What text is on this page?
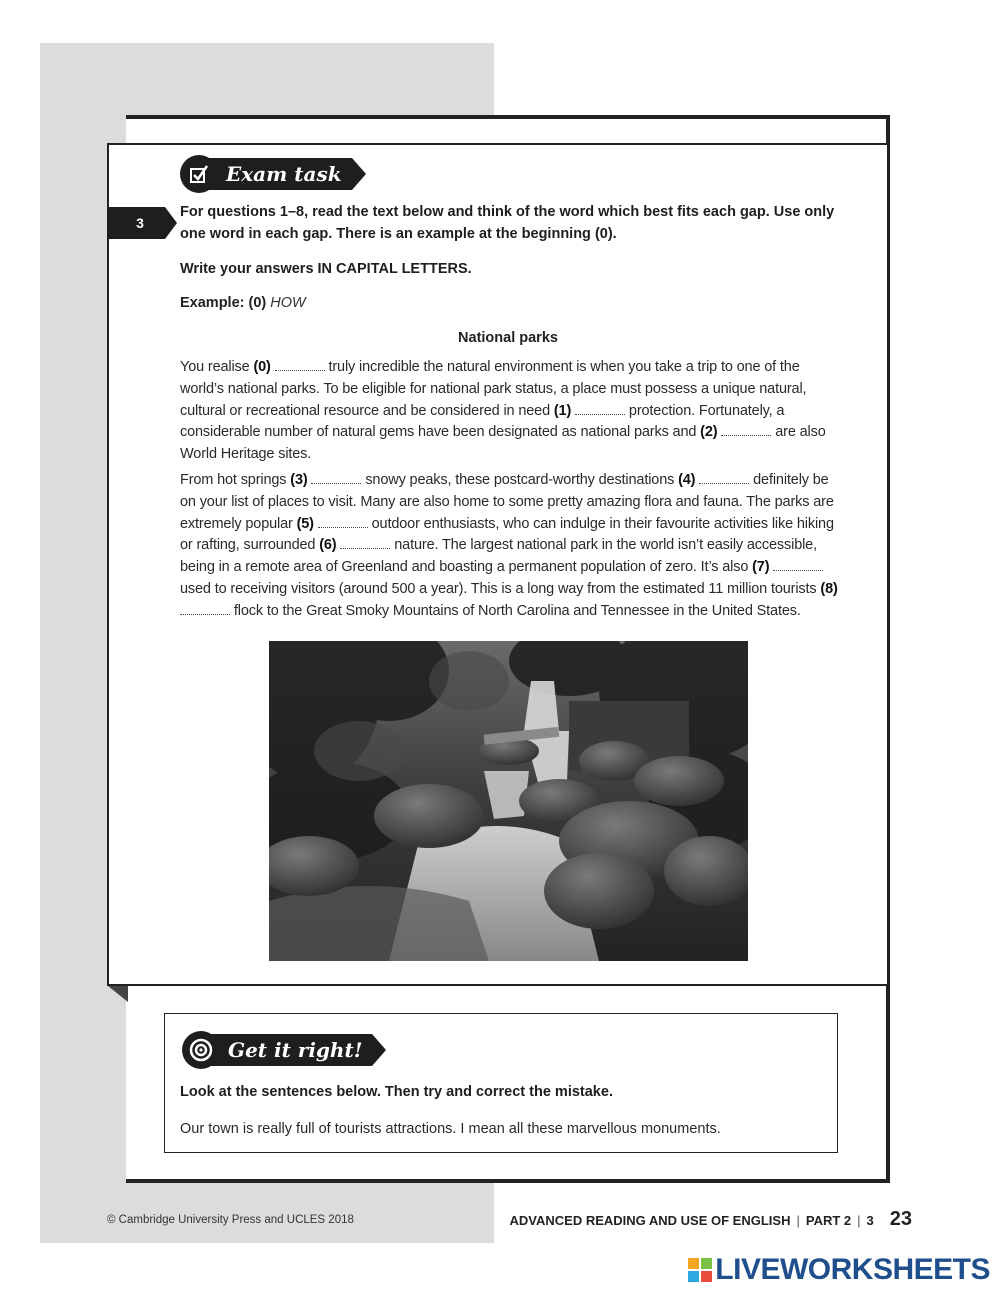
Exam task
3
For questions 1–8, read the text below and think of the word which best fits each gap. Use only one word in each gap. There is an example at the beginning (0).
Write your answers IN CAPITAL LETTERS.
Example: (0) HOW
National parks
You realise (0)	truly incredible the natural environment is when you take a trip to one of the world’s national parks. To be eligible for national park status, a place must possess a unique natural, cultural or recreational resource and be considered in need (1)	protection. Fortunately, a considerable number of natural gems have been designated as national parks and (2)	are also World Heritage sites.
From hot springs (3)	snowy peaks, these postcard-worthy destinations (4)	definitely be on your list of places to visit. Many are also home to some pretty amazing flora and fauna. The parks are extremely popular (5)	outdoor enthusiasts, who can indulge in their favourite activities like hiking or rafting, surrounded (6)	nature. The largest national park in the world isn’t easily accessible, being in a remote area of Greenland and boasting a permanent population of zero. It’s also (7)  used to receiving visitors (around 500 a year). This is a long way from the estimated 11 million tourists (8)  flock to the Great Smoky Mountains of North Carolina and Tennessee in the United States.
Get it right!
Look at the sentences below. Then try and correct the mistake.
Our town is really full of tourists attractions. I mean all these marvellous monuments.
© Cambridge University Press and UCLES 2018	ADVANCED READING AND USE OF ENGLISH | PART 2 | 3 23
LIVEWORKSHEETS
